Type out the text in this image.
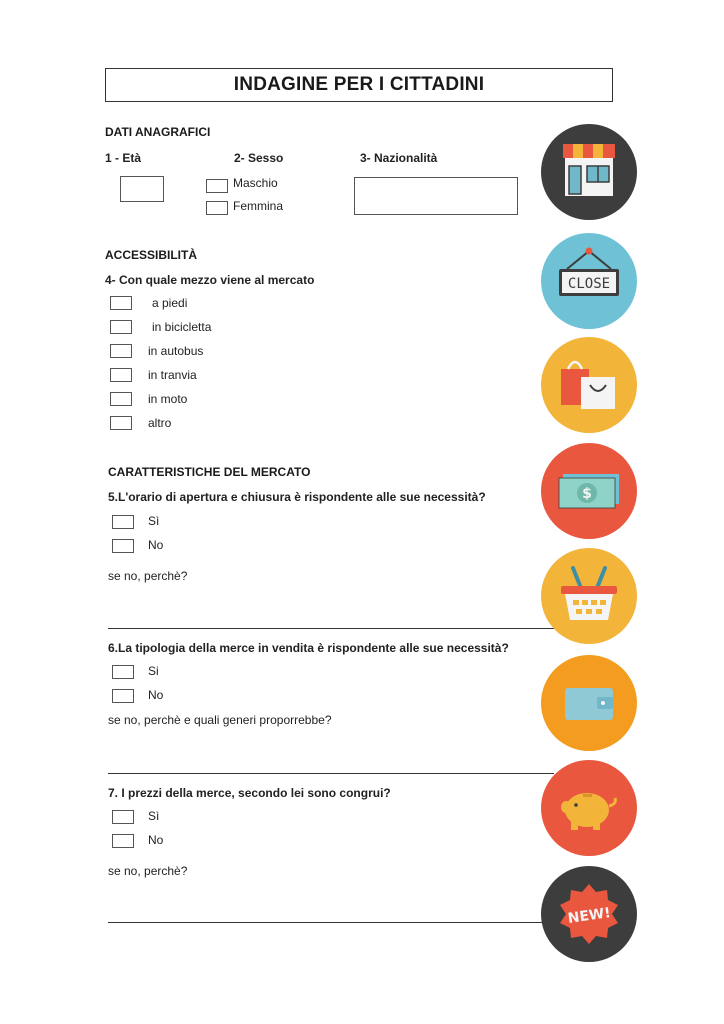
INDAGINE PER I CITTADINI
DATI ANAGRAFICI
1 - Età	2- Sesso	3- Nazionalità
Maschio
Femmina
ACCESSIBILITÀ
4- Con quale mezzo viene al mercato
a piedi
in bicicletta
in autobus
in tranvia
in moto
altro
CARATTERISTICHE DEL MERCATO
5.L'orario di apertura e chiusura è rispondente alle sue necessità?
Sì
No
se no, perchè?
6.La tipologia della merce in vendita è rispondente alle sue necessità?
Si
No
se no, perchè e quali generi proporrebbe?
7. I prezzi della merce, secondo lei sono congrui?
Sì
No
se no, perchè?
CLOSE
$
NEW!
